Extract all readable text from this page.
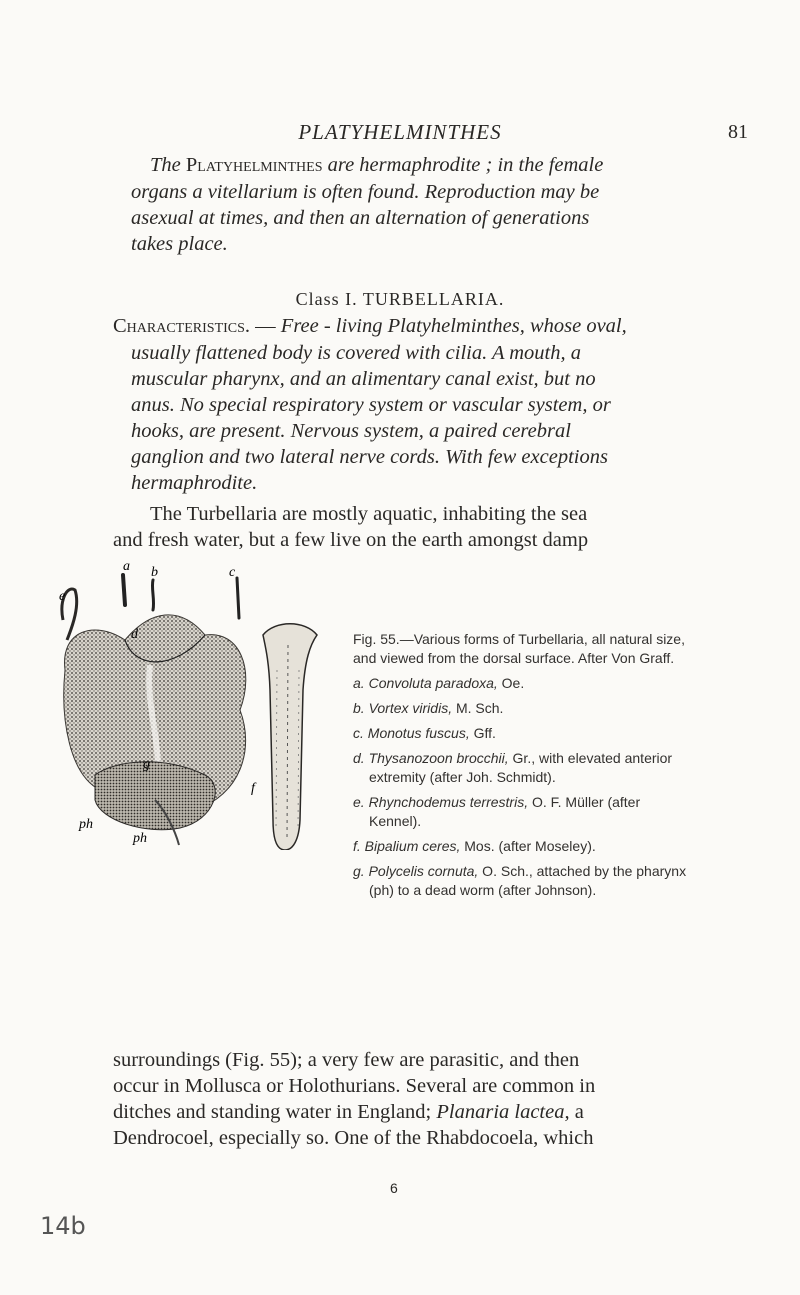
PLATYHELMINTHES	81
The Platyhelminthes are hermaphrodite ; in the female
organs a vitellarium is often found. Reproduction may be
asexual at times, and then an alternation of generations
takes place.
Class I. TURBELLARIA.
Characteristics. — Free - living Platyhelminthes, whose oval,
usually flattened body is covered with cilia. A mouth, a
muscular pharynx, and an alimentary canal exist, but no
anus. No special respiratory system or vascular system, or
hooks, are present. Nervous system, a paired cerebral
ganglion and two lateral nerve cords. With few exceptions
hermaphrodite.
The Turbellaria are mostly aquatic, inhabiting the sea
and fresh water, but a few live on the earth amongst damp
a b	c
d
e
f
g
ph
ph
Fig. 55.—Various forms of Turbellaria, all natural size, and viewed from the dorsal surface. After Von Graff.
a. Convoluta paradoxa, Oe.
b. Vortex viridis, M. Sch.
c. Monotus fuscus, Gff.
d. Thysanozoon brocchii, Gr., with elevated anterior extremity (after Joh. Schmidt).
e. Rhynchodemus terrestris, O. F. Müller (after Kennel).
f. Bipalium ceres, Mos. (after Moseley).
g. Polycelis cornuta, O. Sch., attached by the pharynx (ph) to a dead worm (after Johnson).
surroundings (Fig. 55); a very few are parasitic, and then
occur in Mollusca or Holothurians. Several are common in
ditches and standing water in England; Planaria lactea, a
Dendrocoel, especially so. One of the Rhabdocoela, which
6
14b
